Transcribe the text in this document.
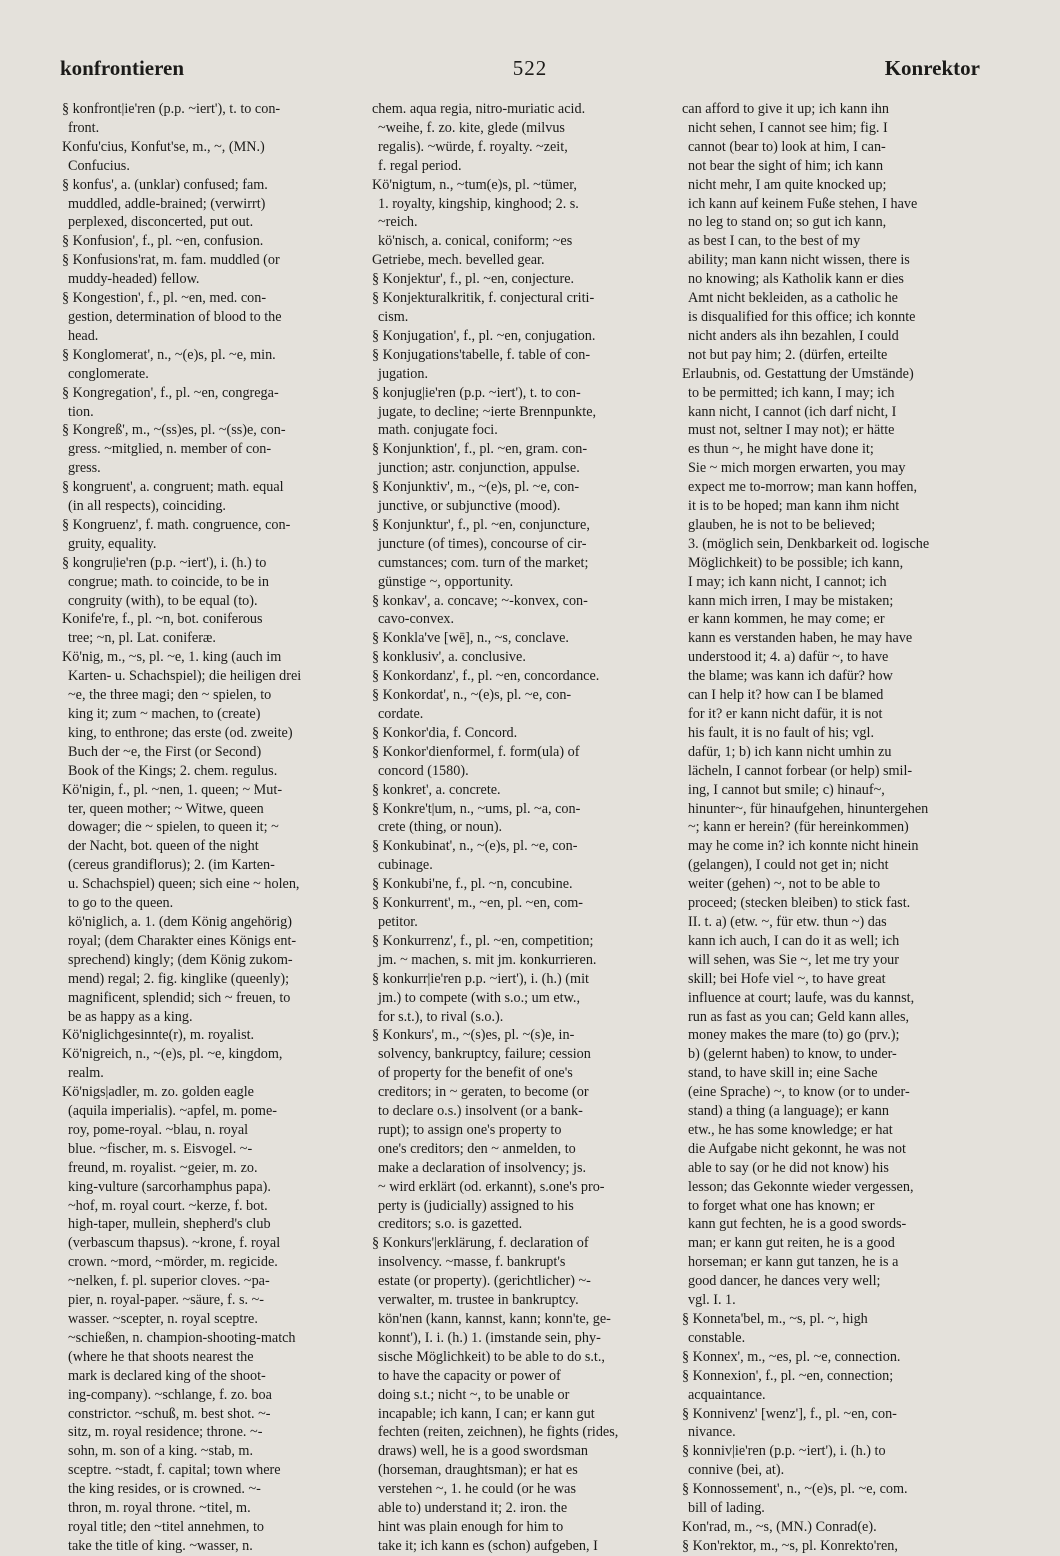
konfrontieren	522	Konrektor
§ konfront|ie'ren (p.p. ~iert'), t. to con-
front.
Konfu'cius, Konfut'se, m., ~, (MN.)
Confucius.
§ konfus', a. (unklar) confused; fam.
muddled, addle-brained; (verwirrt)
perplexed, disconcerted, put out.
§ Konfusion', f., pl. ~en, confusion.
§ Konfusions'rat, m. fam. muddled (or
muddy-headed) fellow.
§ Kongestion', f., pl. ~en, med. con-
gestion, determination of blood to the
head.
§ Konglomerat', n., ~(e)s, pl. ~e, min.
conglomerate.
§ Kongregation', f., pl. ~en, congrega-
tion.
§ Kongreß', m., ~(ss)es, pl. ~(ss)e, con-
gress. ~mitglied, n. member of con-
gress.
§ kongruent', a. congruent; math. equal
(in all respects), coinciding.
§ Kongruenz', f. math. congruence, con-
gruity, equality.
§ kongru|ie'ren (p.p. ~iert'), i. (h.) to
congrue; math. to coincide, to be in
congruity (with), to be equal (to).
Konife're, f., pl. ~n, bot. coniferous
tree; ~n, pl. Lat. coniferæ.
Kö'nig, m., ~s, pl. ~e, 1. king (auch im
Karten- u. Schachspiel); die heiligen drei
~e, the three magi; den ~ spielen, to
king it; zum ~ machen, to (create)
king, to enthrone; das erste (od. zweite)
Buch der ~e, the First (or Second)
Book of the Kings; 2. chem. regulus.
Kö'nigin, f., pl. ~nen, 1. queen; ~ Mut-
ter, queen mother; ~ Witwe, queen
dowager; die ~ spielen, to queen it; ~
der Nacht, bot. queen of the night
(cereus grandiflorus); 2. (im Karten-
u. Schachspiel) queen; sich eine ~ holen,
to go to the queen.
kö'niglich, a. 1. (dem König angehörig)
royal; (dem Charakter eines Königs ent-
sprechend) kingly; (dem König zukom-
mend) regal; 2. fig. kinglike (queenly);
magnificent, splendid; sich ~ freuen, to
be as happy as a king.
Kö'niglichgesinnte(r), m. royalist.
Kö'nigreich, n., ~(e)s, pl. ~e, kingdom,
realm.
Kö'nigs|adler, m. zo. golden eagle
(aquila imperialis). ~apfel, m. pome-
roy, pome-royal. ~blau, n. royal
blue. ~fischer, m. s. Eisvogel. ~-
freund, m. royalist. ~geier, m. zo.
king-vulture (sarcorhamphus papa).
~hof, m. royal court. ~kerze, f. bot.
high-taper, mullein, shepherd's club
(verbascum thapsus). ~krone, f. royal
crown. ~mord, ~mörder, m. regicide.
~nelken, f. pl. superior cloves. ~pa-
pier, n. royal-paper. ~säure, f. s. ~-
wasser. ~scepter, n. royal sceptre.
~schießen, n. champion-shooting-match
(where he that shoots nearest the
mark is declared king of the shoot-
ing-company). ~schlange, f. zo. boa
constrictor. ~schuß, m. best shot. ~-
sitz, m. royal residence; throne. ~-
sohn, m. son of a king. ~stab, m.
sceptre. ~stadt, f. capital; town where
the king resides, or is crowned. ~-
thron, m. royal throne. ~titel, m.
royal title; den ~titel annehmen, to
take the title of king. ~wasser, n.
chem. aqua regia, nitro-muriatic acid.
~weihe, f. zo. kite, glede (milvus
regalis). ~würde, f. royalty. ~zeit,
f. regal period.
Kö'nigtum, n., ~tum(e)s, pl. ~tümer,
1. royalty, kingship, kinghood; 2. s.
~reich.
kö'nisch, a. conical, coniform; ~es
Getriebe, mech. bevelled gear.
§ Konjektur', f., pl. ~en, conjecture.
§ Konjekturalkritik, f. conjectural criti-
cism.
§ Konjugation', f., pl. ~en, conjugation.
§ Konjugations'tabelle, f. table of con-
jugation.
§ konjug|ie'ren (p.p. ~iert'), t. to con-
jugate, to decline; ~ierte Brennpunkte,
math. conjugate foci.
§ Konjunktion', f., pl. ~en, gram. con-
junction; astr. conjunction, appulse.
§ Konjunktiv', m., ~(e)s, pl. ~e, con-
junctive, or subjunctive (mood).
§ Konjunktur', f., pl. ~en, conjuncture,
juncture (of times), concourse of cir-
cumstances; com. turn of the market;
günstige ~, opportunity.
§ konkav', a. concave; ~-konvex, con-
cavo-convex.
§ Konkla've [wē], n., ~s, conclave.
§ konklusiv', a. conclusive.
§ Konkordanz', f., pl. ~en, concordance.
§ Konkordat', n., ~(e)s, pl. ~e, con-
cordate.
§ Konkor'dia, f. Concord.
§ Konkor'dienformel, f. form(ula) of
concord (1580).
§ konkret', a. concrete.
§ Konkre't|um, n., ~ums, pl. ~a, con-
crete (thing, or noun).
§ Konkubinat', n., ~(e)s, pl. ~e, con-
cubinage.
§ Konkubi'ne, f., pl. ~n, concubine.
§ Konkurrent', m., ~en, pl. ~en, com-
petitor.
§ Konkurrenz', f., pl. ~en, competition;
jm. ~ machen, s. mit jm. konkurrieren.
§ konkurr|ie'ren p.p. ~iert'), i. (h.) (mit
jm.) to compete (with s.o.; um etw.,
for s.t.), to rival (s.o.).
§ Konkurs', m., ~(s)es, pl. ~(s)e, in-
solvency, bankruptcy, failure; cession
of property for the benefit of one's
creditors; in ~ geraten, to become (or
to declare o.s.) insolvent (or a bank-
rupt); to assign one's property to
one's creditors; den ~ anmelden, to
make a declaration of insolvency; js.
~ wird erklärt (od. erkannt), s.one's pro-
perty is (judicially) assigned to his
creditors; s.o. is gazetted.
§ Konkurs'|erklärung, f. declaration of
insolvency. ~masse, f. bankrupt's
estate (or property). (gerichtlicher) ~-
verwalter, m. trustee in bankruptcy.
kön'nen (kann, kannst, kann; konn'te, ge-
konnt'), I. i. (h.) 1. (imstande sein, phy-
sische Möglichkeit) to be able to do s.t.,
to have the capacity or power of
doing s.t.; nicht ~, to be unable or
incapable; ich kann, I can; er kann gut
fechten (reiten, zeichnen), he fights (rides,
draws) well, he is a good swordsman
(horseman, draughtsman); er hat es
verstehen ~, 1. he could (or he was
able to) understand it; 2. iron. the
hint was plain enough for him to
take it; ich kann es (schon) aufgeben, I
can afford to give it up; ich kann ihn
nicht sehen, I cannot see him; fig. I
cannot (bear to) look at him, I can-
not bear the sight of him; ich kann
nicht mehr, I am quite knocked up;
ich kann auf keinem Fuße stehen, I have
no leg to stand on; so gut ich kann,
as best I can, to the best of my
ability; man kann nicht wissen, there is
no knowing; als Katholik kann er dies
Amt nicht bekleiden, as a catholic he
is disqualified for this office; ich konnte
nicht anders als ihn bezahlen, I could
not but pay him; 2. (dürfen, erteilte
Erlaubnis, od. Gestattung der Umstände)
to be permitted; ich kann, I may; ich
kann nicht, I cannot (ich darf nicht, I
must not, seltner I may not); er hätte
es thun ~, he might have done it;
Sie ~ mich morgen erwarten, you may
expect me to-morrow; man kann hoffen,
it is to be hoped; man kann ihm nicht
glauben, he is not to be believed;
3. (möglich sein, Denkbarkeit od. logische
Möglichkeit) to be possible; ich kann,
I may; ich kann nicht, I cannot; ich
kann mich irren, I may be mistaken;
er kann kommen, he may come; er
kann es verstanden haben, he may have
understood it; 4. a) dafür ~, to have
the blame; was kann ich dafür? how
can I help it? how can I be blamed
for it? er kann nicht dafür, it is not
his fault, it is no fault of his; vgl.
dafür, 1; b) ich kann nicht umhin zu
lächeln, I cannot forbear (or help) smil-
ing, I cannot but smile; c) hinauf~,
hinunter~, für hinaufgehen, hinuntergehen
~; kann er herein? (für hereinkommen)
may he come in? ich konnte nicht hinein
(gelangen), I could not get in; nicht
weiter (gehen) ~, not to be able to
proceed; (stecken bleiben) to stick fast.
II. t. a) (etw. ~, für etw. thun ~) das
kann ich auch, I can do it as well; ich
will sehen, was Sie ~, let me try your
skill; bei Hofe viel ~, to have great
influence at court; laufe, was du kannst,
run as fast as you can; Geld kann alles,
money makes the mare (to) go (prv.);
b) (gelernt haben) to know, to under-
stand, to have skill in; eine Sache
(eine Sprache) ~, to know (or to under-
stand) a thing (a language); er kann
etw., he has some knowledge; er hat
die Aufgabe nicht gekonnt, he was not
able to say (or he did not know) his
lesson; das Gekonnte wieder vergessen,
to forget what one has known; er
kann gut fechten, he is a good swords-
man; er kann gut reiten, he is a good
horseman; er kann gut tanzen, he is a
good dancer, he dances very well;
vgl. I. 1.
§ Konneta'bel, m., ~s, pl. ~, high
constable.
§ Konnex', m., ~es, pl. ~e, connection.
§ Konnexion', f., pl. ~en, connection;
acquaintance.
§ Konnivenz' [wenz'], f., pl. ~en, con-
nivance.
§ konniv|ie'ren (p.p. ~iert'), i. (h.) to
connive (bei, at).
§ Konnossement', n., ~(e)s, pl. ~e, com.
bill of lading.
Kon'rad, m., ~s, (MN.) Conrad(e).
§ Kon'rektor, m., ~s, pl. Konrekto'ren,
